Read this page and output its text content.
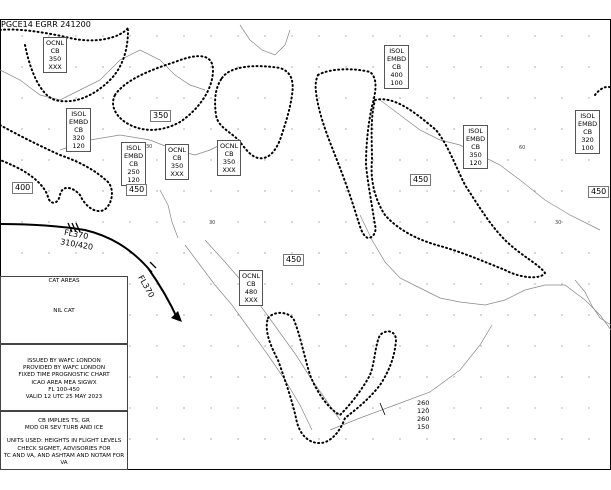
PGCE14 EGRR 241200
OCNL
CB
350
XXX
ISOL
EMBD
CB
320
120	ISOL
EMBD
CB
250
120
OCNL
CB
350
XXX
OCNL
CB
350
XXX
ISOL
EMBD
CB
400
100
ISOL
EMBD
CB
350
120
ISOL
EMBD
CB
320
100
OCNL
CB
480
XXX
260
120
260
150
350
400	450
450
450
450
FL370
310/420
FL370
30
30	30
60
CAT AREAS
NIL CAT
ISSUED BY WAFC LONDON
PROVIDED BY WAFC LONDON
FIXED TIME PROGNOSTIC CHART
ICAO AREA MEA SIGWX
FL 100-450
VALID 12 UTC 25 MAY 2023
CB IMPLIES TS, GR
MOD OR SEV TURB AND ICE
UNITS USED: HEIGHTS IN FLIGHT LEVELS
CHECK SIGMET, ADVISORIES FOR
TC AND VA, AND ASHTAM AND NOTAM FOR VA
